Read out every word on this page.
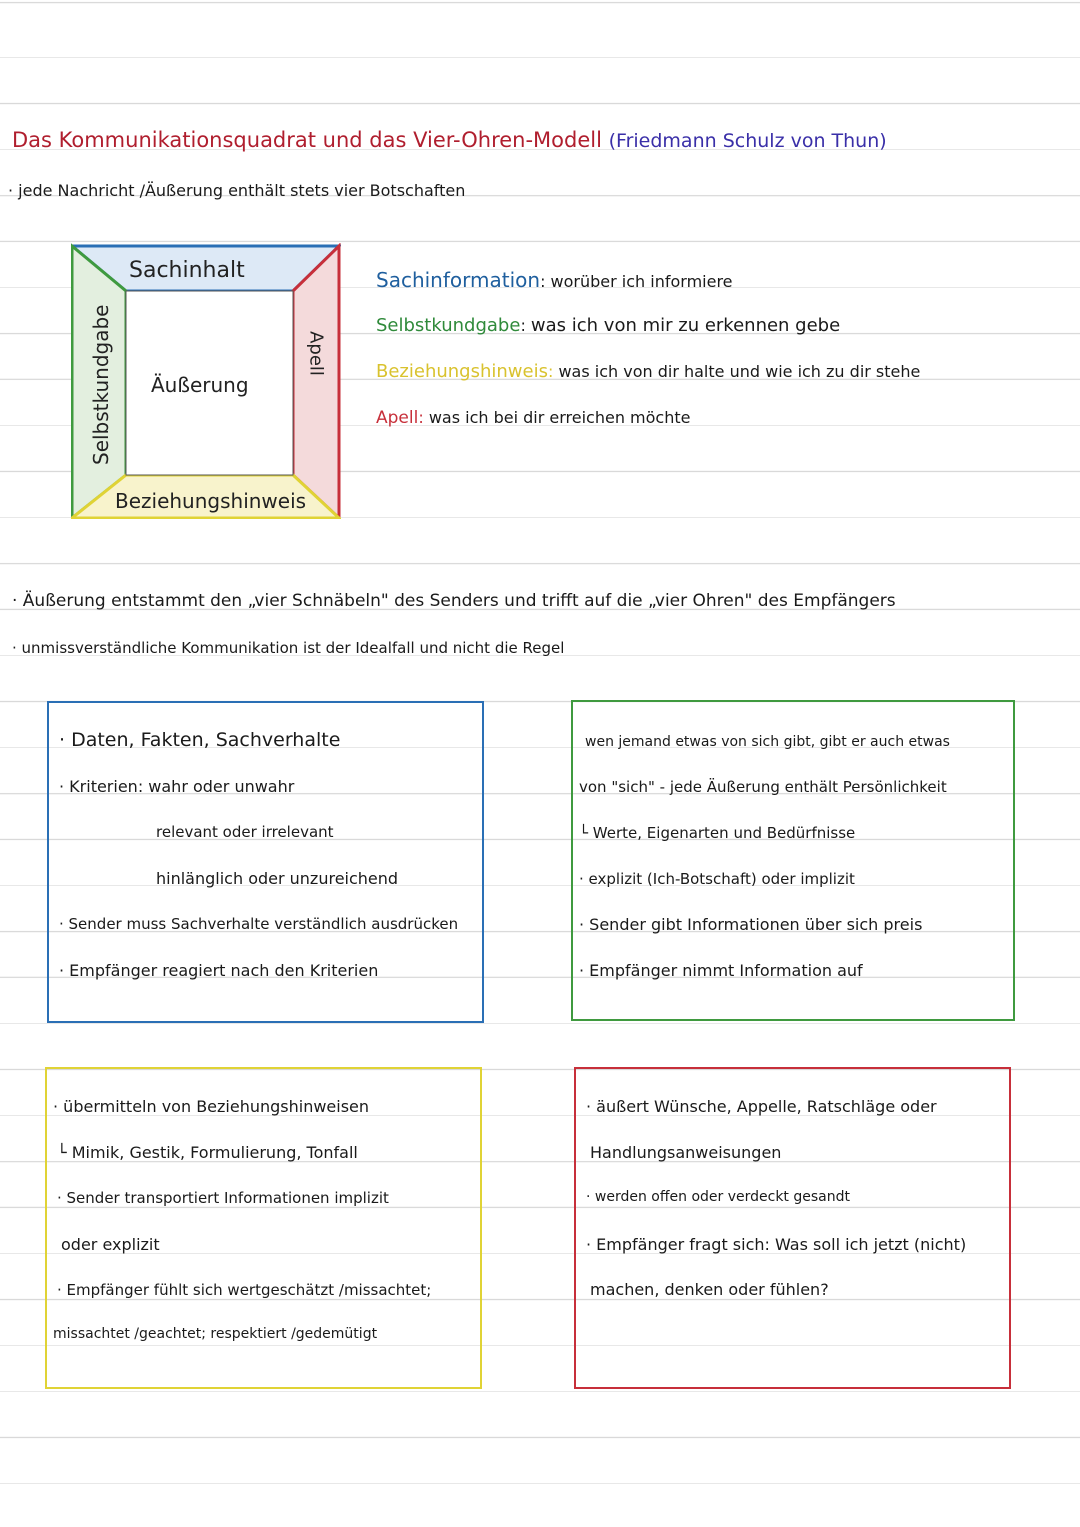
Das Kommunikationsquadrat und das Vier-Ohren-Modell (Friedmann Schulz von Thun)
· jede Nachricht /Äußerung enthält stets vier Botschaften
Sachinhalt
Selbstkundgabe	Apell
Beziehungshinweis
Äußerung
Sachinformation: worüber ich informiere
Selbstkundgabe: was ich von mir zu erkennen gebe
Beziehungshinweis: was ich von dir halte und wie ich zu dir stehe
Apell: was ich bei dir erreichen möchte
· Äußerung entstammt den „vier Schnäbeln" des Senders und trifft auf die „vier Ohren" des Empfängers
· unmissverständliche Kommunikation ist der Idealfall und nicht die Regel
· Daten, Fakten, Sachverhalte
· Kriterien: wahr oder unwahr
relevant oder irrelevant
hinlänglich oder unzureichend
· Sender muss Sachverhalte verständlich ausdrücken
· Empfänger reagiert nach den Kriterien
wen jemand etwas von sich gibt, gibt er auch etwas
von "sich" - jede Äußerung enthält Persönlichkeit
└ Werte, Eigenarten und Bedürfnisse
· explizit (Ich-Botschaft) oder implizit
· Sender gibt Informationen über sich preis
· Empfänger nimmt Information auf
· übermitteln von Beziehungshinweisen
└ Mimik, Gestik, Formulierung, Tonfall
· Sender transportiert Informationen implizit
oder explizit
· Empfänger fühlt sich wertgeschätzt /missachtet;
missachtet /geachtet; respektiert /gedemütigt
· äußert Wünsche, Appelle, Ratschläge oder
Handlungsanweisungen
· werden offen oder verdeckt gesandt
· Empfänger fragt sich: Was soll ich jetzt (nicht)
machen, denken oder fühlen?
